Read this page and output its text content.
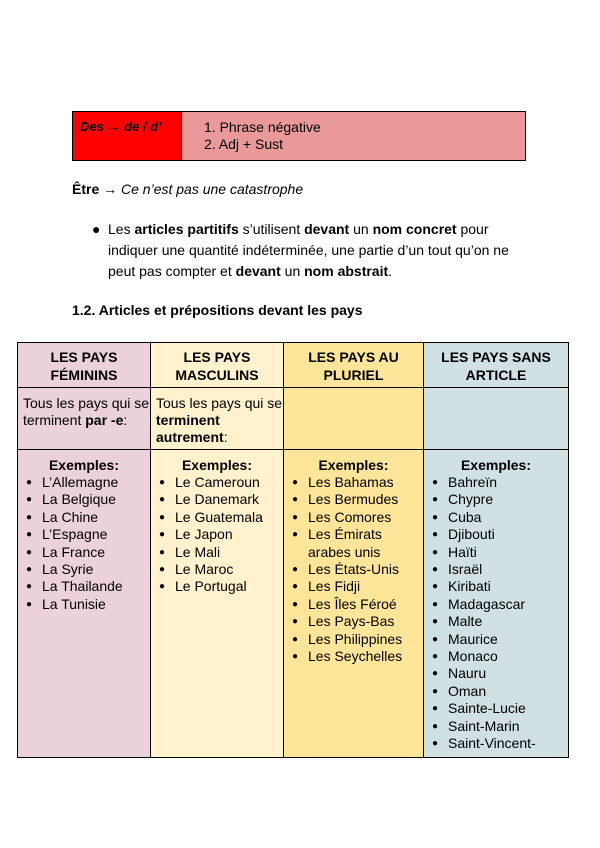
Des → de / d’	1. Phrase négative
2. Adj + Sust
Être → Ce n’est pas une catastrophe
● Les articles partitifs s’utilisent devant un nom concret pour indiquer une quantité indéterminée, une partie d’un tout qu’on ne peut pas compter et devant un nom abstrait.
1.2. Articles et prépositions devant les pays
LES PAYS FÉMININS
Tous les pays qui se terminent par -e:
Exemples:
● L’Allemagne
● La Belgique
● La Chine
● L’Espagne
● La France
● La Syrie
● La Thailande
● La Tunisie
LES PAYS MASCULINS
Tous les pays qui se terminent autrement:
Exemples:
● Le Cameroun
● Le Danemark
● Le Guatemala
● Le Japon
● Le Mali
● Le Maroc
● Le Portugal
LES PAYS AU PLURIEL
Exemples:
● Les Bahamas
● Les Bermudes
● Les Comores
● Les Émirats arabes unis
● Les États-Unis
● Les Fidji
● Les Îles Féroé
● Les Pays-Bas
● Les Philippines
● Les Seychelles
LES PAYS SANS ARTICLE
Exemples:
● Bahreïn
● Chypre
● Cuba
● Djibouti
● Haïti
● Israël
● Kiribati
● Madagascar
● Malte
● Maurice
● Monaco
● Nauru
● Oman
● Sainte-Lucie
● Saint-Marin
● Saint-Vincent-
